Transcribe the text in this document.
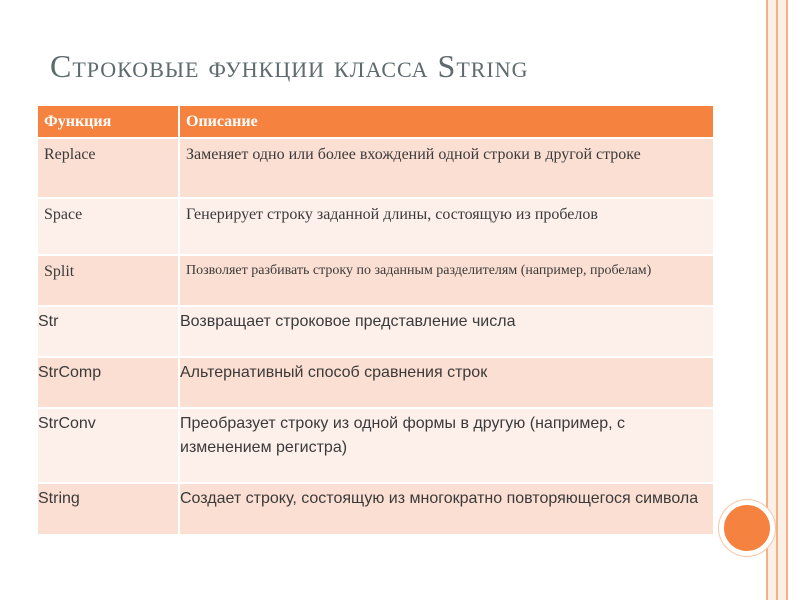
Строковые функции класса String
Функция	Описание
Replace	Заменяет одно или более вхождений одной строки в другой строке
Space	Генерирует строку заданной длины, состоящую из пробелов
Split	Позволяет разбивать строку по заданным разделителям (например, пробелам)

Str	Возвращает строковое представление числа

StrComp	Альтернативный способ сравнения строк

StrConv	Преобразует строку из одной формы в другую (например, с изменением регистра)

String	Создает строку, состоящую из многократно повторяющегося символа
